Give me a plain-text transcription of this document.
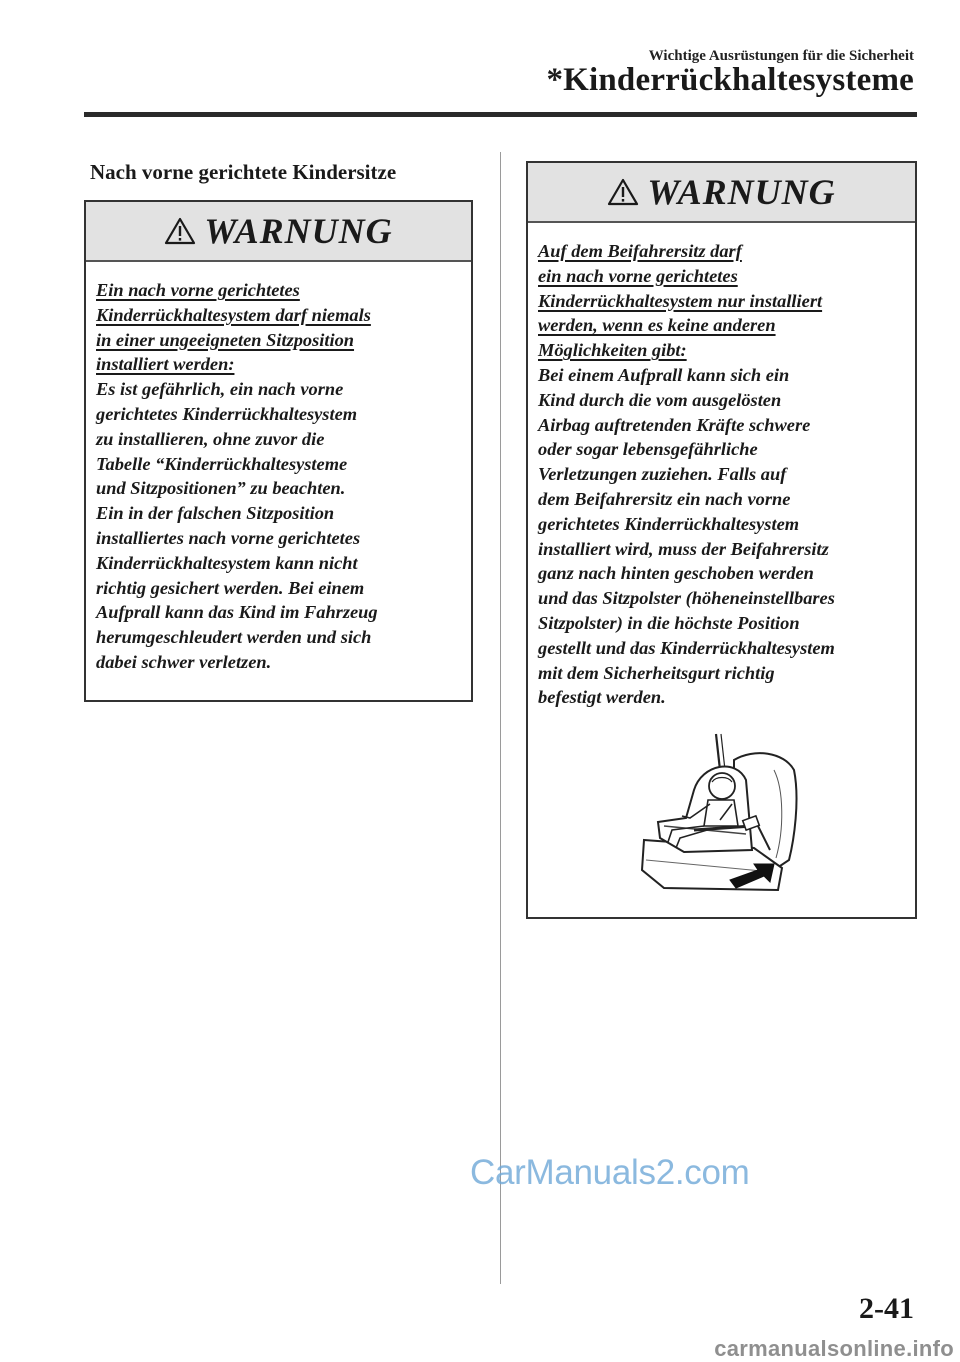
Wichtige Ausrüstungen für die Sicherheit
*Kinderrückhaltesysteme
Nach vorne gerichtete Kindersitze
WARNUNG
Ein nach vorne gerichtetes
Kinderrückhaltesystem darf niemals
in einer ungeeigneten Sitzposition
installiert werden:
Es ist gefährlich, ein nach vorne
gerichtetes Kinderrückhaltesystem
zu installieren, ohne zuvor die
Tabelle “Kinderrückhaltesysteme
und Sitzpositionen” zu beachten.
Ein in der falschen Sitzposition
installiertes nach vorne gerichtetes
Kinderrückhaltesystem kann nicht
richtig gesichert werden. Bei einem
Aufprall kann das Kind im Fahrzeug
herumgeschleudert werden und sich
dabei schwer verletzen.
WARNUNG
Auf dem Beifahrersitz darf
ein nach vorne gerichtetes
Kinderrückhaltesystem nur installiert
werden, wenn es keine anderen
Möglichkeiten gibt:
Bei einem Aufprall kann sich ein
Kind durch die vom ausgelösten
Airbag auftretenden Kräfte schwere
oder sogar lebensgefährliche
Verletzungen zuziehen. Falls auf
dem Beifahrersitz ein nach vorne
gerichtetes Kinderrückhaltesystem
installiert wird, muss der Beifahrersitz
ganz nach hinten geschoben werden
und das Sitzpolster (höheneinstellbares
Sitzpolster) in die höchste Position
gestellt und das Kinderrückhaltesystem
mit dem Sicherheitsgurt richtig
befestigt werden.
CarManuals2.com
2-41
carmanualsonline.info
